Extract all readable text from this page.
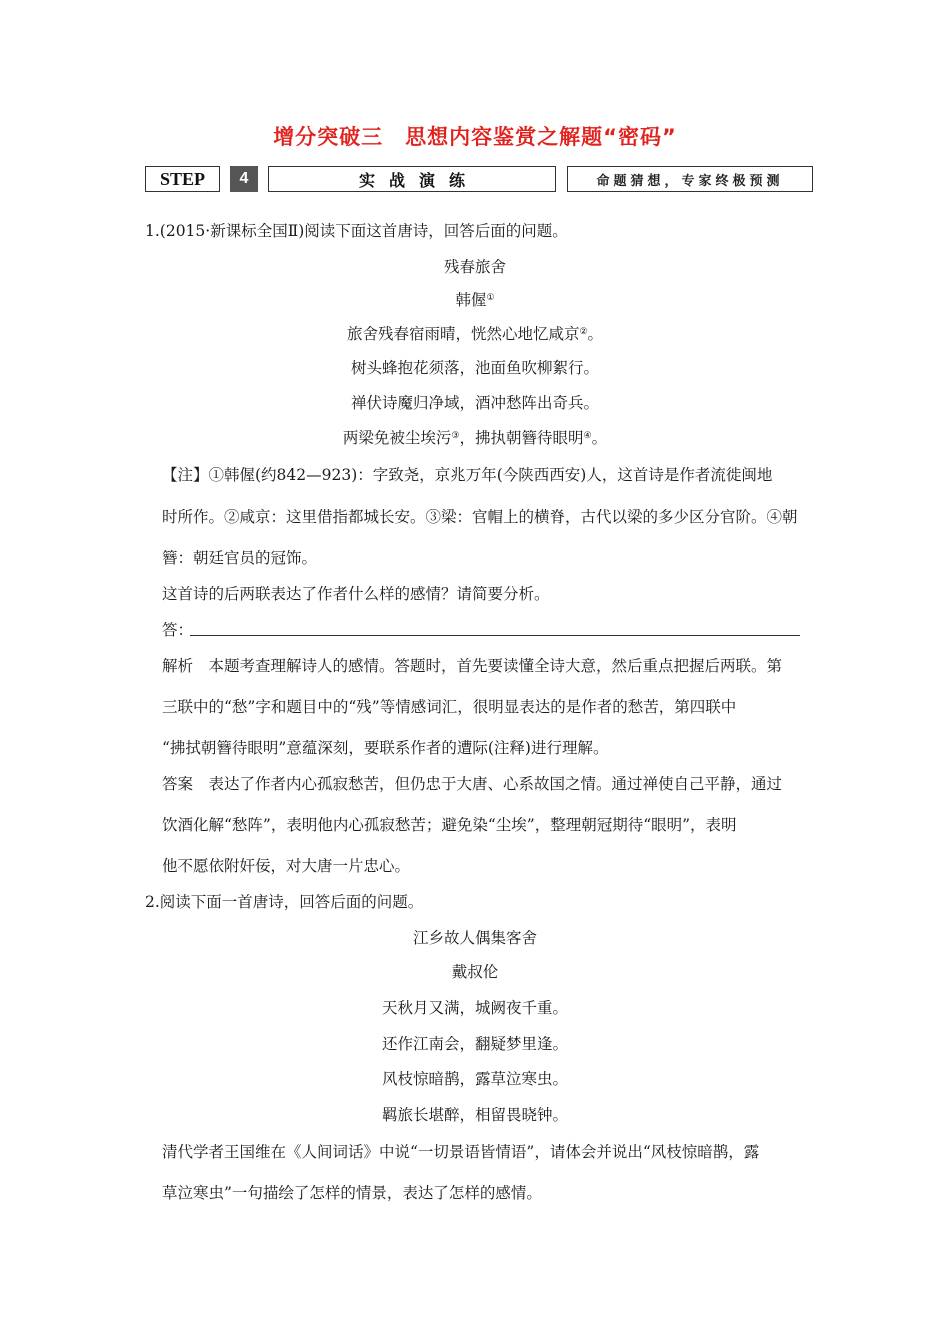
增分突破三　思想内容鉴赏之解题“密码”
STEP	4	实战演练	命题猜想，专家终极预测
1.(2015·新课标全国Ⅱ)阅读下面这首唐诗，回答后面的问题。
残春旅舍
韩偓①
旅舍残春宿雨晴，恍然心地忆咸京②。
树头蜂抱花须落，池面鱼吹柳絮行。
禅伏诗魔归净域，酒冲愁阵出奇兵。
两梁免被尘埃污③，拂执朝簪待眼明④。
【注】①韩偓(约842—923)：字致尧，京兆万年(今陕西西安)人，这首诗是作者流徙闽地
时所作。②咸京：这里借指都城长安。③梁：官帽上的横脊，古代以梁的多少区分官阶。④朝
簪：朝廷官员的冠饰。
这首诗的后两联表达了作者什么样的感情？请简要分析。
答：
解析　本题考查理解诗人的感情。答题时，首先要读懂全诗大意，然后重点把握后两联。第
三联中的“愁”字和题目中的“残”等情感词汇，很明显表达的是作者的愁苦，第四联中
“拂拭朝簪待眼明”意蕴深刻，要联系作者的遭际(注释)进行理解。
答案　表达了作者内心孤寂愁苦，但仍忠于大唐、心系故国之情。通过禅使自己平静，通过
饮酒化解“愁阵”，表明他内心孤寂愁苦；避免染“尘埃”，整理朝冠期待“眼明”，表明
他不愿依附奸佞，对大唐一片忠心。
2.阅读下面一首唐诗，回答后面的问题。
江乡故人偶集客舍
戴叔伦
天秋月又满，城阙夜千重。
还作江南会，翻疑梦里逢。
风枝惊暗鹊，露草泣寒虫。
羁旅长堪醉，相留畏晓钟。
清代学者王国维在《人间词话》中说“一切景语皆情语”，请体会并说出“风枝惊暗鹊，露
草泣寒虫”一句描绘了怎样的情景，表达了怎样的感情。
